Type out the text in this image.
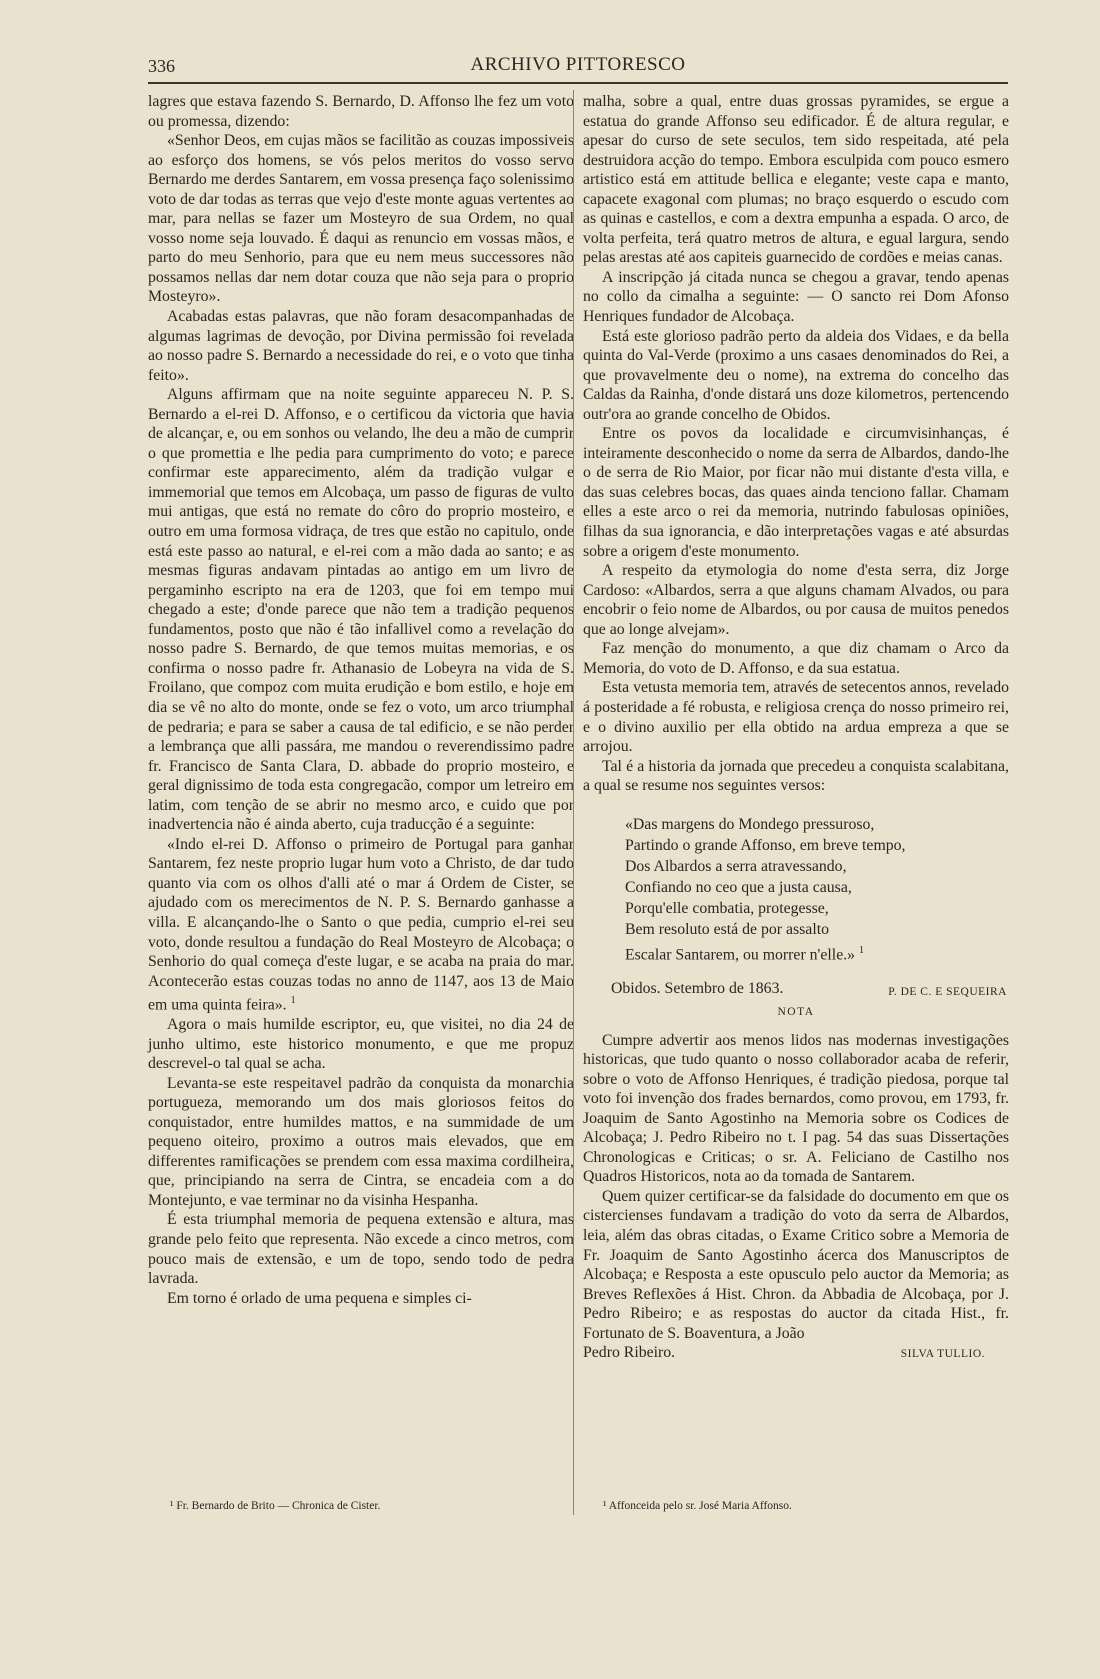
336	ARCHIVO PITTORESCO

lagres que estava fazendo S. Bernardo, D. Affonso lhe fez um voto ou promessa, dizendo:

«Senhor Deos, em cujas mãos se facilitão as couzas impossiveis ao esforço dos homens, se vós pelos meritos do vosso servo Bernardo me derdes Santarem, em vossa presença faço solenissimo voto de dar todas as terras que vejo d'este monte aguas vertentes ao mar, para nellas se fazer um Mosteyro de sua Ordem, no qual vosso nome seja louvado. É daqui as renuncio em vossas mãos, e parto do meu Senhorio, para que eu nem meus successores não possamos nellas dar nem dotar couza que não seja para o proprio Mosteyro».

Acabadas estas palavras, que não foram desacompanhadas de algumas lagrimas de devoção, por Divina permissão foi revelada ao nosso padre S. Bernardo a necessidade do rei, e o voto que tinha feito».

Alguns affirmam que na noite seguinte appareceu N. P. S. Bernardo a el-rei D. Affonso, e o certificou da victoria que havia de alcançar, e, ou em sonhos ou velando, lhe deu a mão de cumprir o que promettia e lhe pedia para cumprimento do voto; e parece confirmar este apparecimento, além da tradição vulgar e immemorial que temos em Alcobaça, um passo de figuras de vulto mui antigas, que está no remate do côro do proprio mosteiro, e outro em uma formosa vidraça, de tres que estão no capitulo, onde está este passo ao natural, e el-rei com a mão dada ao santo; e as mesmas figuras andavam pintadas ao antigo em um livro de pergaminho escripto na era de 1203, que foi em tempo mui chegado a este; d'onde parece que não tem a tradição pequenos fundamentos, posto que não é tão infallivel como a revelação do nosso padre S. Bernardo, de que temos muitas memorias, e os confirma o nosso padre fr. Athanasio de Lobeyra na vida de S. Froilano, que compoz com muita erudição e bom estilo, e hoje em dia se vê no alto do monte, onde se fez o voto, um arco triumphal de pedraria; e para se saber a causa de tal edificio, e se não perder a lembrança que alli passára, me mandou o reverendissimo padre fr. Francisco de Santa Clara, D. abbade do proprio mosteiro, e geral dignissimo de toda esta congregacão, compor um letreiro em latim, com tenção de se abrir no mesmo arco, e cuido que por inadvertencia não é ainda aberto, cuja traducção é a seguinte:

«Indo el-rei D. Affonso o primeiro de Portugal para ganhar Santarem, fez neste proprio lugar hum voto a Christo, de dar tudo quanto via com os olhos d'alli até o mar á Ordem de Cister, se ajudado com os merecimentos de N. P. S. Bernardo ganhasse a villa. E alcançando-lhe o Santo o que pedia, cumprio el-rei seu voto, donde resultou a fundação do Real Mosteyro de Alcobaça; o Senhorio do qual começa d'este lugar, e se acaba na praia do mar. Acontecerão estas couzas todas no anno de 1147, aos 13 de Maio em uma quinta feira». $^1$

Agora o mais humilde escriptor, eu, que visitei, no dia 24 de junho ultimo, este historico monumento, e que me propuz descrevel-o tal qual se acha.

Levanta-se este respeitavel padrão da conquista da monarchia portugueza, memorando um dos mais gloriosos feitos do conquistador, entre humildes mattos, e na summidade de um pequeno oiteiro, proximo a outros mais elevados, que em differentes ramificações se prendem com essa maxima cordilheira, que, principiando na serra de Cintra, se encadeia com a do Montejunto, e vae terminar no da visinha Hespanha.

É esta triumphal memoria de pequena extensão e altura, mas grande pelo feito que representa. Não excede a cinco metros, com pouco mais de extensão, e um de topo, sendo todo de pedra lavrada.

Em torno é orlado de uma pequena e simples ci-

malha, sobre a qual, entre duas grossas pyramides, se ergue a estatua do grande Affonso seu edificador. É de altura regular, e apesar do curso de sete seculos, tem sido respeitada, até pela destruidora acção do tempo. Embora esculpida com pouco esmero artistico está em attitude bellica e elegante; veste capa e manto, capacete exagonal com plumas; no braço esquerdo o escudo com as quinas e castellos, e com a dextra empunha a espada. O arco, de volta perfeita, terá quatro metros de altura, e egual largura, sendo pelas arestas até aos capiteis guarnecido de cordões e meias canas.

A inscripção já citada nunca se chegou a gravar, tendo apenas no collo da cimalha a seguinte: — O sancto rei Dom Afonso Henriques fundador de Alcobaça.

Está este glorioso padrão perto da aldeia dos Vidaes, e da bella quinta do Val-Verde (proximo a uns casaes denominados do Rei, a que provavelmente deu o nome), na extrema do concelho das Caldas da Rainha, d'onde distará uns doze kilometros, pertencendo outr'ora ao grande concelho de Obidos.

Entre os povos da localidade e circumvisinhanças, é inteiramente desconhecido o nome da serra de Albardos, dando-lhe o de serra de Rio Maior, por ficar não mui distante d'esta villa, e das suas celebres bocas, das quaes ainda tenciono fallar. Chamam elles a este arco o rei da memoria, nutrindo fabulosas opiniões, filhas da sua ignorancia, e dão interpretações vagas e até absurdas sobre a origem d'este monumento.

A respeito da etymologia do nome d'esta serra, diz Jorge Cardoso: «Albardos, serra a que alguns chamam Alvados, ou para encobrir o feio nome de Albardos, ou por causa de muitos penedos que ao longe alvejam».

Faz menção do monumento, a que diz chamam o Arco da Memoria, do voto de D. Affonso, e da sua estatua.

Esta vetusta memoria tem, através de setecentos annos, revelado á posteridade a fé robusta, e religiosa crença do nosso primeiro rei, e o divino auxilio per ella obtido na ardua empreza a que se arrojou.

Tal é a historia da jornada que precedeu a conquista scalabitana, a qual se resume nos seguintes versos:

«Das margens do Mondego pressuroso,
Partindo o grande Affonso, em breve tempo,
Dos Albardos a serra atravessando,
Confiando no ceo que a justa causa,
Porqu'elle combatia, protegesse,
Bem resoluto está de por assalto
Escalar Santarem, ou morrer n'elle.» $^1$
Obidos. Setembro de 1863.	P. DE C. E SEQUEIRA
NOTA

Cumpre advertir aos menos lidos nas modernas investigações historicas, que tudo quanto o nosso collaborador acaba de referir, sobre o voto de Affonso Henriques, é tradição piedosa, porque tal voto foi invenção dos frades bernardos, como provou, em 1793, fr. Joaquim de Santo Agostinho na Memoria sobre os Codices de Alcobaça; J. Pedro Ribeiro no t. I pag. 54 das suas Dissertações Chronologicas e Criticas; o sr. A. Feliciano de Castilho nos Quadros Historicos, nota ao da tomada de Santarem.

Quem quizer certificar-se da falsidade do documento em que os cistercienses fundavam a tradição do voto da serra de Albardos, leia, além das obras citadas, o Exame Critico sobre a Memoria de Fr. Joaquim de Santo Agostinho ácerca dos Manuscriptos de Alcobaça; e Resposta a este opusculo pelo auctor da Memoria; as Breves Reflexões á Hist. Chron. da Abbadia de Alcobaça, por J. Pedro Ribeiro; e as respostas do auctor da citada Hist., fr. Fortunato de S. Boaventura, a João

Pedro Ribeiro.	SILVA TULLIO.

¹ Fr. Bernardo de Brito — Chronica de Cister.	¹ Affonceida pelo sr. José Maria Affonso.
